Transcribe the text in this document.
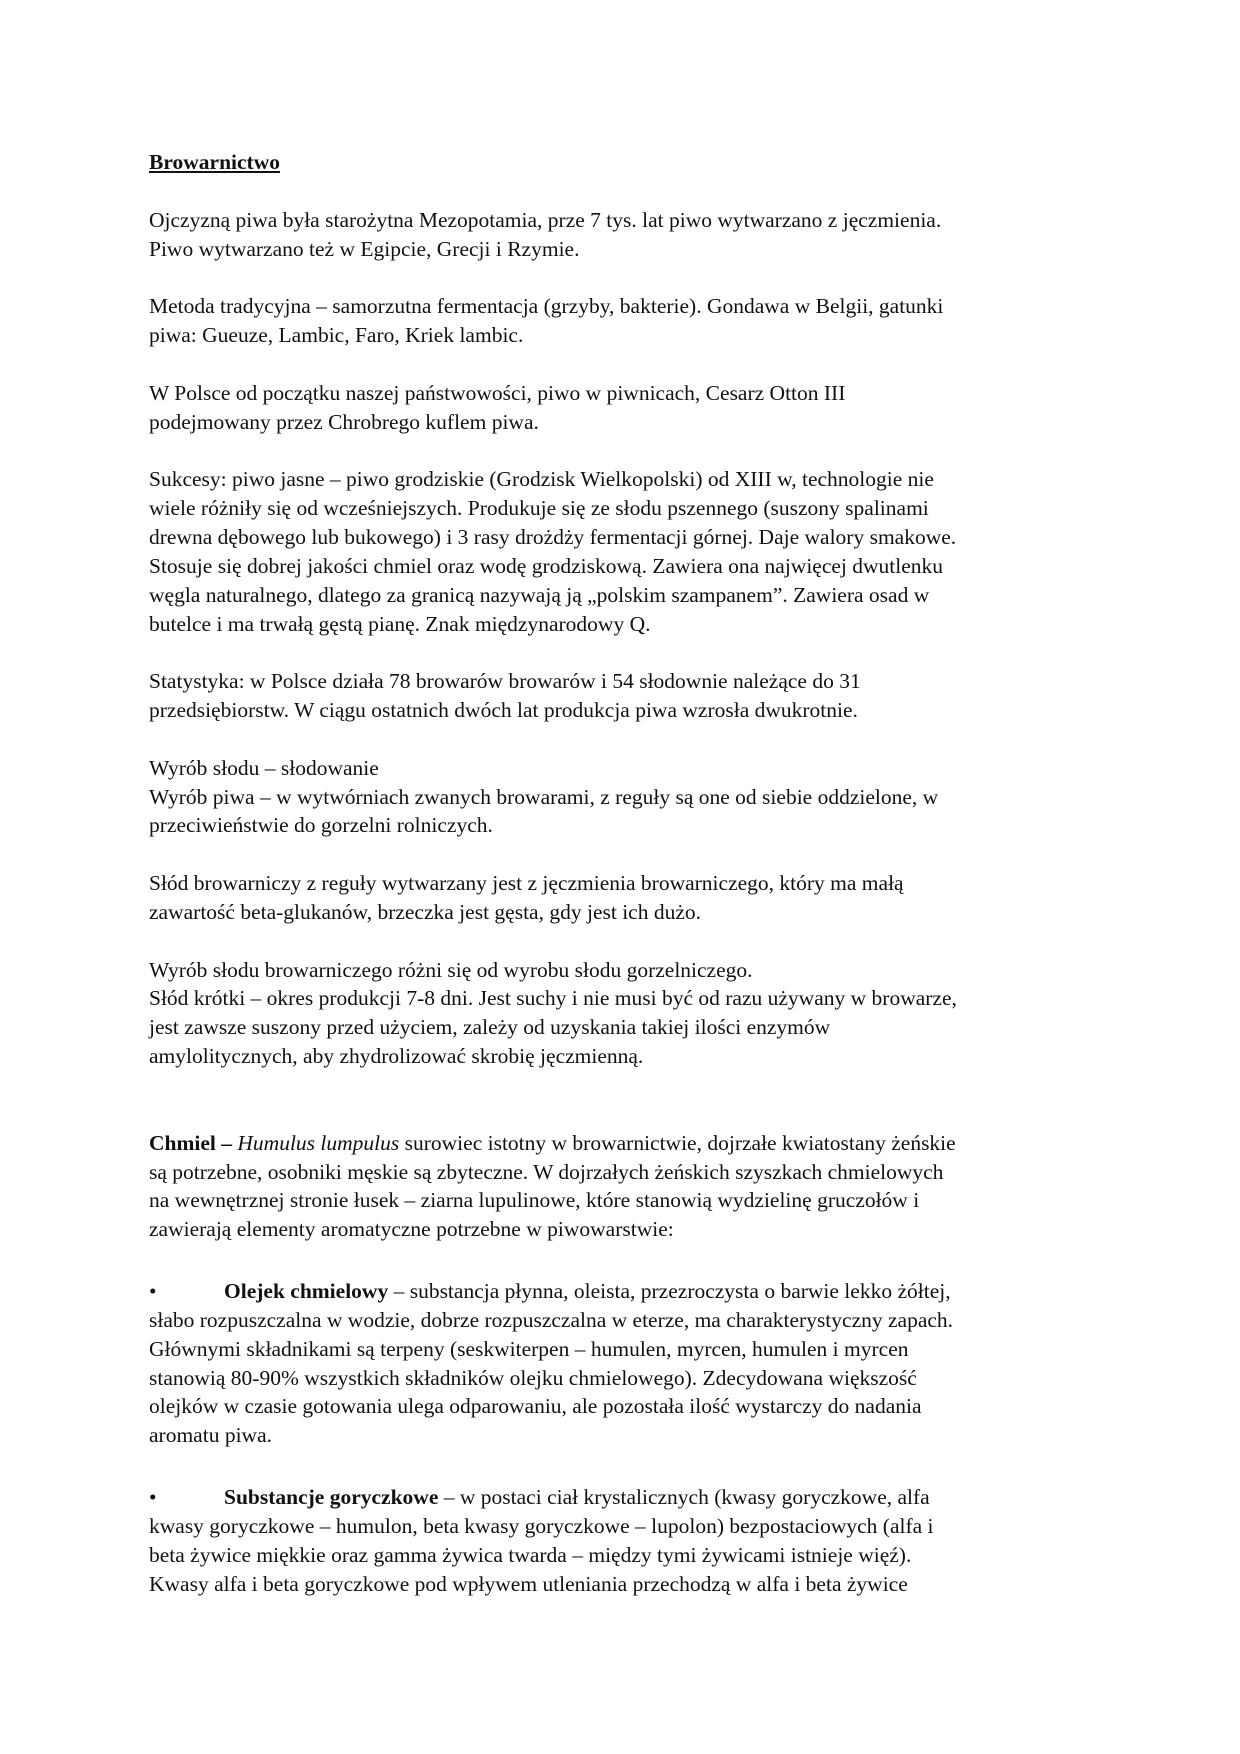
Browarnictwo
Ojczyzną piwa była starożytna Mezopotamia, prze 7 tys. lat piwo wytwarzano z jęczmienia.
Piwo wytwarzano też w Egipcie, Grecji i Rzymie.
Metoda tradycyjna – samorzutna fermentacja (grzyby, bakterie). Gondawa w Belgii, gatunki
piwa: Gueuze, Lambic, Faro, Kriek lambic.
W Polsce od początku naszej państwowości, piwo w piwnicach, Cesarz Otton III
podejmowany przez Chrobrego kuflem piwa.
Sukcesy: piwo jasne – piwo grodziskie (Grodzisk Wielkopolski) od XIII w, technologie nie
wiele różniły się od wcześniejszych. Produkuje się ze słodu pszennego (suszony spalinami
drewna dębowego lub bukowego) i 3 rasy drożdży fermentacji górnej. Daje walory smakowe.
Stosuje się dobrej jakości chmiel oraz wodę grodziskową. Zawiera ona najwięcej dwutlenku
węgla naturalnego, dlatego za granicą nazywają ją „polskim szampanem”. Zawiera osad w
butelce i ma trwałą gęstą pianę. Znak międzynarodowy Q.
Statystyka: w Polsce działa 78 browarów browarów i 54 słodownie należące do 31
przedsiębiorstw. W ciągu ostatnich dwóch lat produkcja piwa wzrosła dwukrotnie.
Wyrób słodu – słodowanie
Wyrób piwa – w wytwórniach zwanych browarami, z reguły są one od siebie oddzielone, w
przeciwieństwie do gorzelni rolniczych.
Słód browarniczy z reguły wytwarzany jest z jęczmienia browarniczego, który ma małą
zawartość beta-glukanów, brzeczka jest gęsta, gdy jest ich dużo.
Wyrób słodu browarniczego różni się od wyrobu słodu gorzelniczego.
Słód krótki – okres produkcji 7-8 dni. Jest suchy i nie musi być od razu używany w browarze,
jest zawsze suszony przed użyciem, zależy od uzyskania takiej ilości enzymów
amylolitycznych, aby zhydrolizować skrobię jęczmienną.
Chmiel – Humulus lumpulus surowiec istotny w browarnictwie, dojrzałe kwiatostany żeńskie
są potrzebne, osobniki męskie są zbyteczne. W dojrzałych żeńskich szyszkach chmielowych
na wewnętrznej stronie łusek – ziarna lupulinowe, które stanowią wydzielinę gruczołów i
zawierają elementy aromatyczne potrzebne w piwowarstwie:
•	Olejek chmielowy – substancja płynna, oleista, przezroczysta o barwie lekko żółtej,
słabo rozpuszczalna w wodzie, dobrze rozpuszczalna w eterze, ma charakterystyczny zapach.
Głównymi składnikami są terpeny (seskwiterpen – humulen, myrcen, humulen i myrcen
stanowią 80-90% wszystkich składników olejku chmielowego). Zdecydowana większość
olejków w czasie gotowania ulega odparowaniu, ale pozostała ilość wystarczy do nadania
aromatu piwa.
•	Substancje goryczkowe – w postaci ciał krystalicznych (kwasy goryczkowe, alfa
kwasy goryczkowe – humulon, beta kwasy goryczkowe – lupolon) bezpostaciowych (alfa i
beta żywice miękkie oraz gamma żywica twarda – między tymi żywicami istnieje więź).
Kwasy alfa i beta goryczkowe pod wpływem utleniania przechodzą w alfa i beta żywice
